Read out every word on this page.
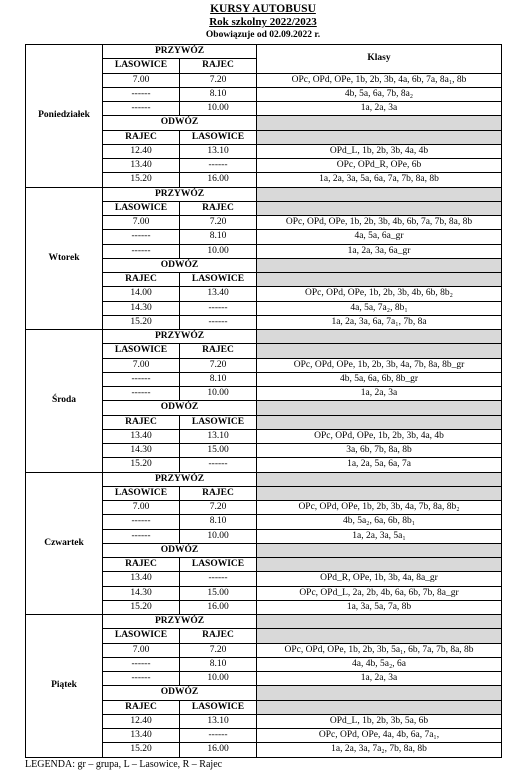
KURSY AUTOBUSU
Rok szkolny 2022/2023
Obowiązuje od 02.09.2022 r.
Poniedziałek	PRZYWÓZ		Klasy
	LASOWICE	RAJEC	
	7.00	7.20	OPc, OPd, OPe, 1b, 2b, 3b, 4a, 6b, 7a, 8a₁, 8b
	------	8.10	4b, 5a, 6a, 7b, 8a₂
	------	10.00	1a, 2a, 3a
	ODWÓZ		
	RAJEC	LASOWICE	
	12.40	13.10	OPd_L, 1b, 2b, 3b, 4a, 4b
	13.40	------	OPc, OPd_R, OPe, 6b
	15.20	16.00	1a, 2a, 3a, 5a, 6a, 7a, 7b, 8a, 8b
Wtorek	PRZYWÓZ		
	LASOWICE	RAJEC	
	7.00	7.20	OPc, OPd, OPe, 1b, 2b, 3b, 4b, 6b, 7a, 7b, 8a, 8b
	------	8.10	4a, 5a, 6a_gr
	------	10.00	1a, 2a, 3a, 6a_gr
	ODWÓZ		
	RAJEC	LASOWICE	
	14.00	13.40	OPc, OPd, OPe, 1b, 2b, 3b, 4b, 6b, 8b₂
	14.30	------	4a, 5a, 7a₂, 8b₁
	15.20	------	1a, 2a, 3a, 6a, 7a₁, 7b, 8a
Środa	PRZYWÓZ		
	LASOWICE	RAJEC	
	7.00	7.20	OPc, OPd, OPe, 1b, 2b, 3b, 4a, 7b, 8a, 8b_gr
	------	8.10	4b, 5a, 6a, 6b, 8b_gr
	------	10.00	1a, 2a, 3a
	ODWÓZ		
	RAJEC	LASOWICE	
	13.40	13.10	OPc, OPd, OPe, 1b, 2b, 3b, 4a, 4b
	14.30	15.00	3a, 6b, 7b, 8a, 8b
	15.20	------	1a, 2a, 5a, 6a, 7a
Czwartek	PRZYWÓZ		
	LASOWICE	RAJEC	
	7.00	7.20	OPc, OPd, OPe, 1b, 2b, 3b, 4a, 7b, 8a, 8b₂
	------	8.10	4b, 5a₂, 6a, 6b, 8b₁
	------	10.00	1a, 2a, 3a, 5a₁
	ODWÓZ		
	RAJEC	LASOWICE	
	13.40	------	OPd_R, OPe, 1b, 3b, 4a, 8a_gr
	14.30	15.00	OPc, OPd_L, 2a, 2b, 4b, 6a, 6b, 7b, 8a_gr
	15.20	16.00	1a, 3a, 5a, 7a, 8b
Piątek	PRZYWÓZ		
	LASOWICE	RAJEC	
	7.00	7.20	OPc, OPd, OPe, 1b, 2b, 3b, 5a₁, 6b, 7a, 7b, 8a, 8b
	------	8.10	4a, 4b, 5a₂, 6a
	------	10.00	1a, 2a, 3a
	ODWÓZ		
	RAJEC	LASOWICE	
	12.40	13.10	OPd_L, 1b, 2b, 3b, 5a, 6b
	13.40	------	OPc, OPd, OPe, 4a, 4b, 6a, 7a₁,
	15.20	16.00	1a, 2a, 3a, 7a₂, 7b, 8a, 8b
LEGENDA: gr – grupa, L – Lasowice, R – Rajec
